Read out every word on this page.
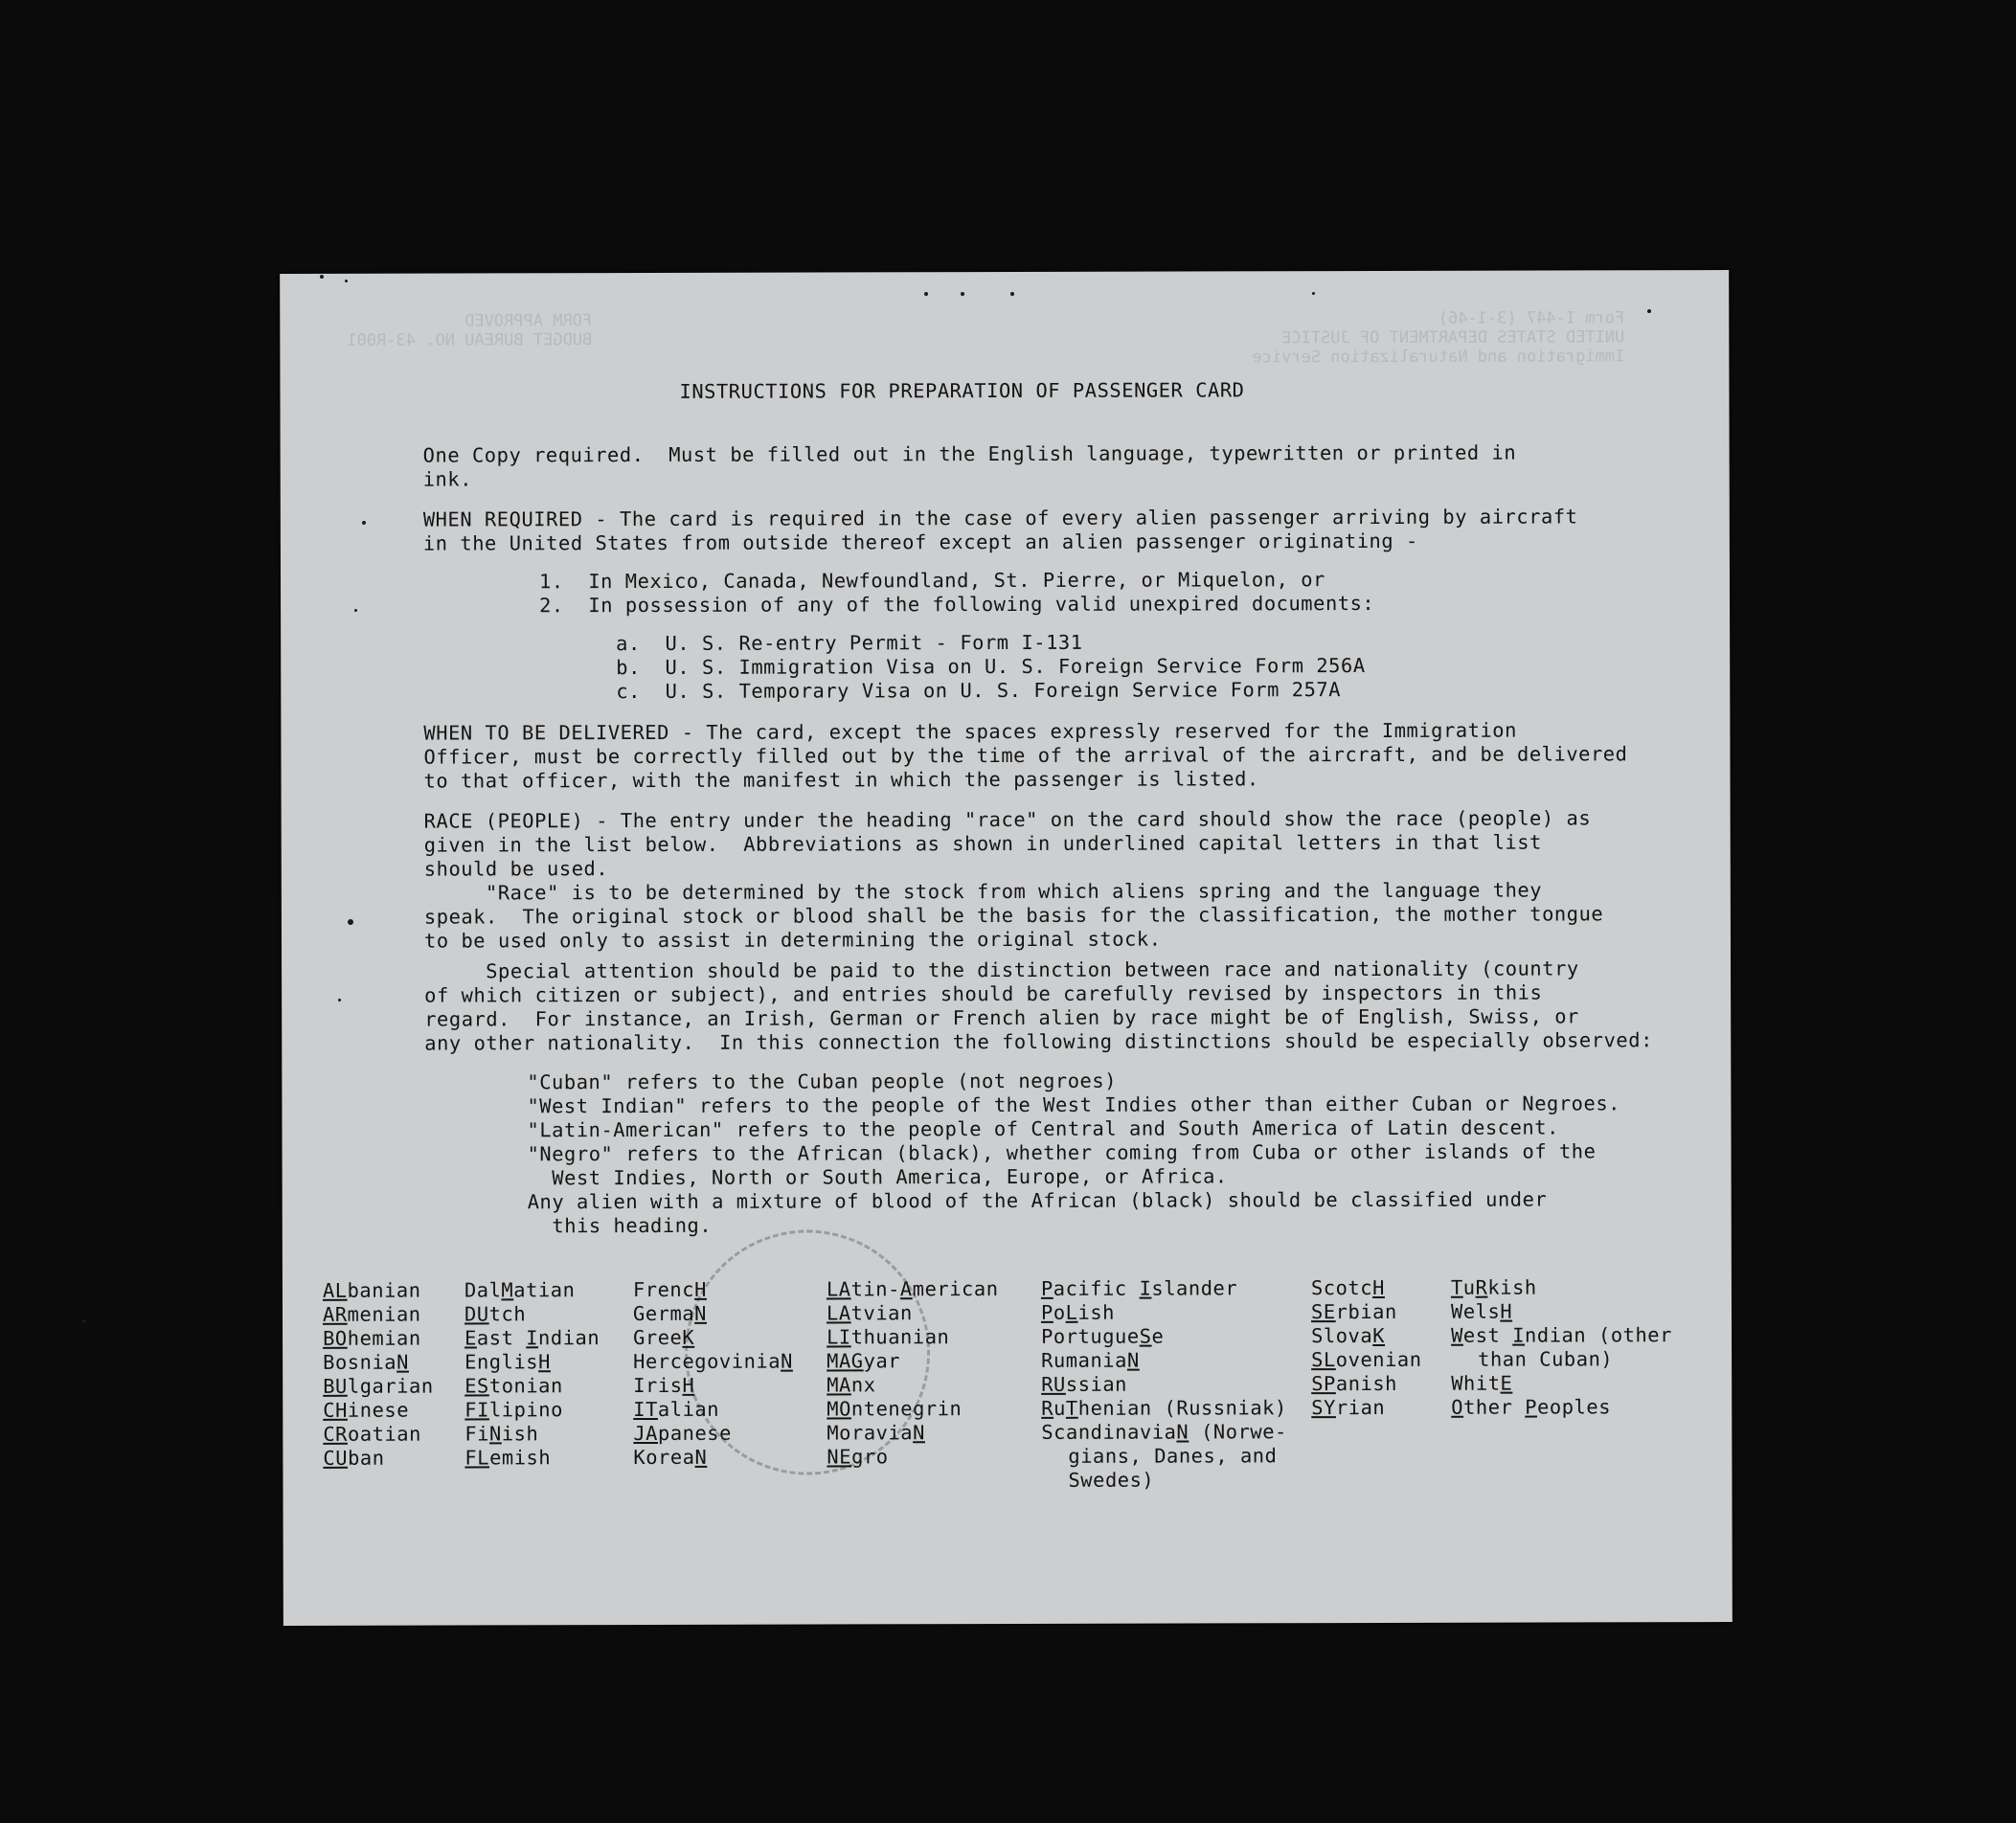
Form I-447 (3-1-46)
UNITED STATES DEPARTMENT OF JUSTICE
Immigration and Naturalization Service
FORM APPROVED
BUDGET BUREAU NO. 43-R001
INSTRUCTIONS FOR PREPARATION OF PASSENGER CARD
One Copy required.  Must be filled out in the English language, typewritten or printed in
ink.
WHEN REQUIRED - The card is required in the case of every alien passenger arriving by aircraft
in the United States from outside thereof except an alien passenger originating -
1.  In Mexico, Canada, Newfoundland, St. Pierre, or Miquelon, or
2.  In possession of any of the following valid unexpired documents:
a.  U. S. Re-entry Permit - Form I-131
b.  U. S. Immigration Visa on U. S. Foreign Service Form 256A
c.  U. S. Temporary Visa on U. S. Foreign Service Form 257A
WHEN TO BE DELIVERED - The card, except the spaces expressly reserved for the Immigration
Officer, must be correctly filled out by the time of the arrival of the aircraft, and be delivered
to that officer, with the manifest in which the passenger is listed.
RACE (PEOPLE) - The entry under the heading "race" on the card should show the race (people) as
given in the list below.  Abbreviations as shown in underlined capital letters in that list
should be used.
"Race" is to be determined by the stock from which aliens spring and the language they
speak.  The original stock or blood shall be the basis for the classification, the mother tongue
to be used only to assist in determining the original stock.
Special attention should be paid to the distinction between race and nationality (country
of which citizen or subject), and entries should be carefully revised by inspectors in this
regard.  For instance, an Irish, German or French alien by race might be of English, Swiss, or
any other nationality.  In this connection the following distinctions should be especially observed:
"Cuban" refers to the Cuban people (not negroes)
"West Indian" refers to the people of the West Indies other than either Cuban or Negroes.
"Latin-American" refers to the people of Central and South America of Latin descent.
"Negro" refers to the African (black), whether coming from Cuba or other islands of the
West Indies, North or South America, Europe, or Africa.
Any alien with a mixture of blood of the African (black) should be classified under
this heading.
ALbanian
ARmenian
BOhemian
BosniaN
BUlgarian
CHinese
CRoatian
CUban
DalMatian
DUtch
East Indian
EnglisH
EStonian
FIlipino
FiNish
FLemish
FrencH
GermaN
GreeK
HercegoviniaN
IrisH
ITalian
JApanese
KoreaN
LAtin-American
LAtvian
LIthuanian
MAGyar
MAnx
MOntenegrin
MoraviaN
NEgro
Pacific Islander
PoLish
PortugueSe
RumaniaN
RUssian
RuThenian (Russniak)
ScandinaviaN (Norwe-
gians, Danes, and
Swedes)
ScotcH
SErbian
SlovaK
SLovenian
SPanish
SYrian
TuRkish
WelsH
West Indian (other
than Cuban)
WhitE
Other Peoples
